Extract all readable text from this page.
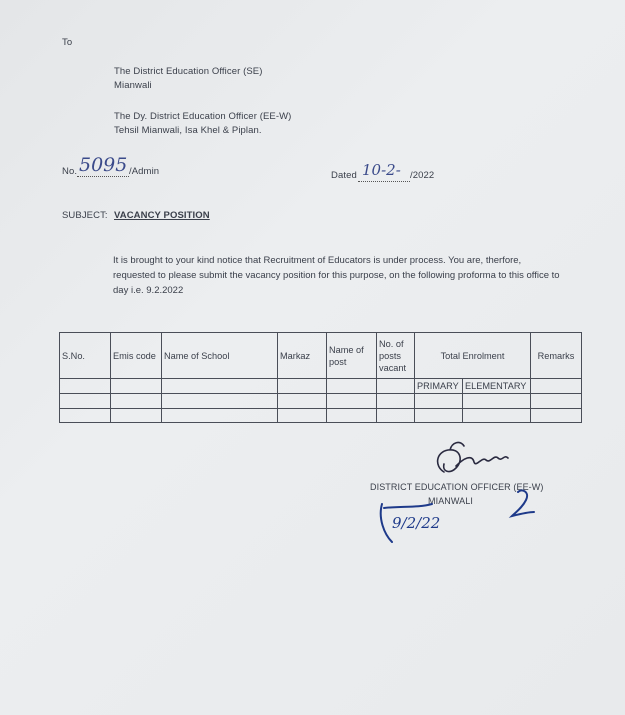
To
The District Education Officer (SE)
Mianwali
The Dy. District Education Officer (EE-W)
Tehsil Mianwali, Isa Khel & Piplan.
No. 5095 /Admin	Dated 10-2- /2022
SUBJECT: VACANCY POSITION
It is brought to your kind notice that Recruitment of Educators is under process. You are, therfore, requested to please submit the vacancy position for this purpose, on the following proforma to this office to day i.e. 9.2.2022
S.No.	Emis code	Name of School	Markaz	Name of post	No. of posts vacant	Total Enrolment		Remarks
						PRIMARY	ELEMENTARY	

DISTRICT EDUCATION OFFICER (EE-W)
MIANWALI
9/2/22
